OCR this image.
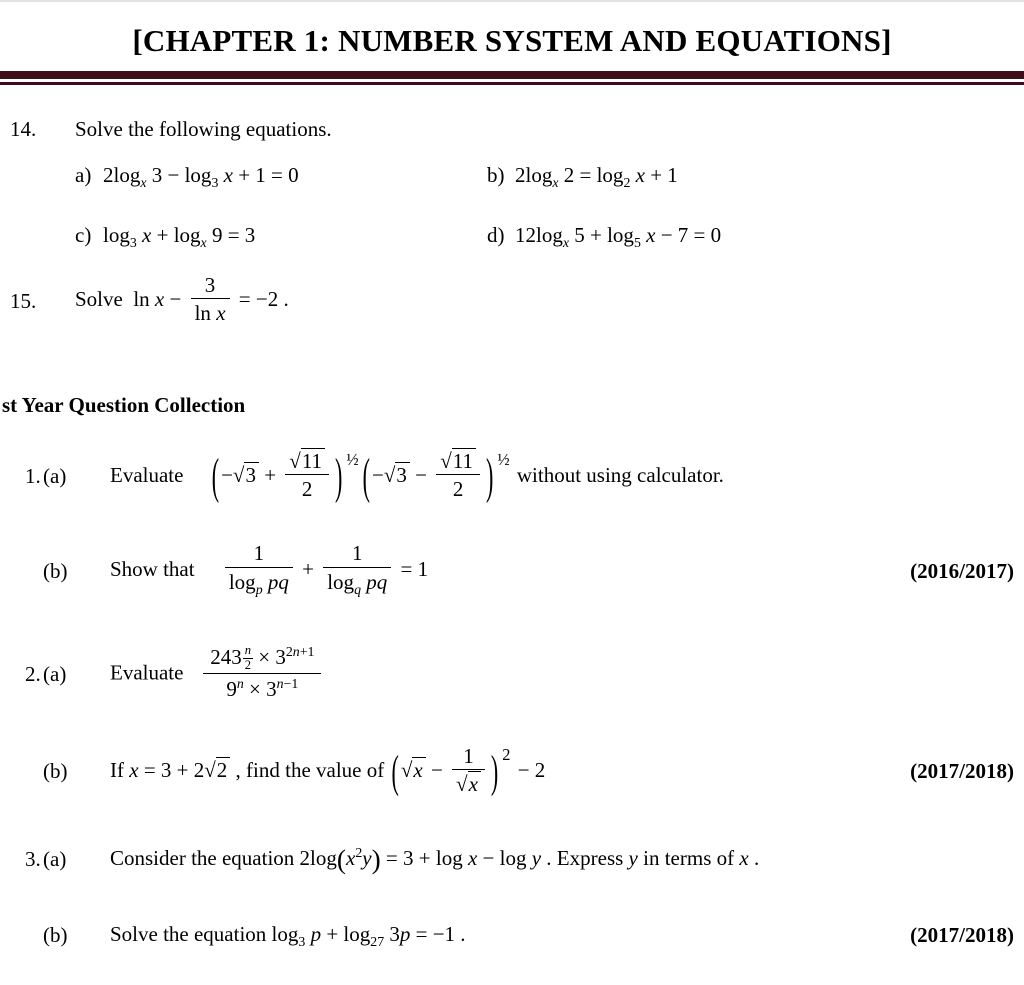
[CHAPTER 1: NUMBER SYSTEM AND EQUATIONS]
14.	Solve the following equations.
a) $2\log_x$ $3 - \log_3 x + 1 = 0$	b) $2\log_x$ $2 = \log_2 x + 1$
c) $\log_3 x + \log_x 9 = 3$	d) $12\log_x$ $5 + \log_5 x - 7 = 0$
15.	Solve  $\ln x - \frac{3}{\text{ln x}} = -2$ .
st Year Question Collection
1. (a)	Evaluate  ($-√3 + \frac{√11}{2}$ ) $^{\frac{1}{2}}$ ($-√3 - \frac{√11}{2}$ ) $^{\frac{1}{2}}$ without using calculator.
(b)	Show that   $\frac{1}{\log_p pq} + \frac{1}{\log_q pq} = 1$	(2016/2017)
2. (a)	Evaluate   $\frac{243 \frac{n}{2} \times 3^{2n+1}}{9^n \times 3^{n-1}}$
(b)	If x = 3 + 2√2 , find the value of ($√x - \frac{1}{√x}$ ) $^2$ − 2	(2017/2018)
3. (a)	Consider the equation $2\log(x^2y) = 3 + \log x - \log y$ . Express y in terms of x .
(b)	Solve the equation $\log_3 p + \log_{27} 3p = -1$ .	(2017/2018)
